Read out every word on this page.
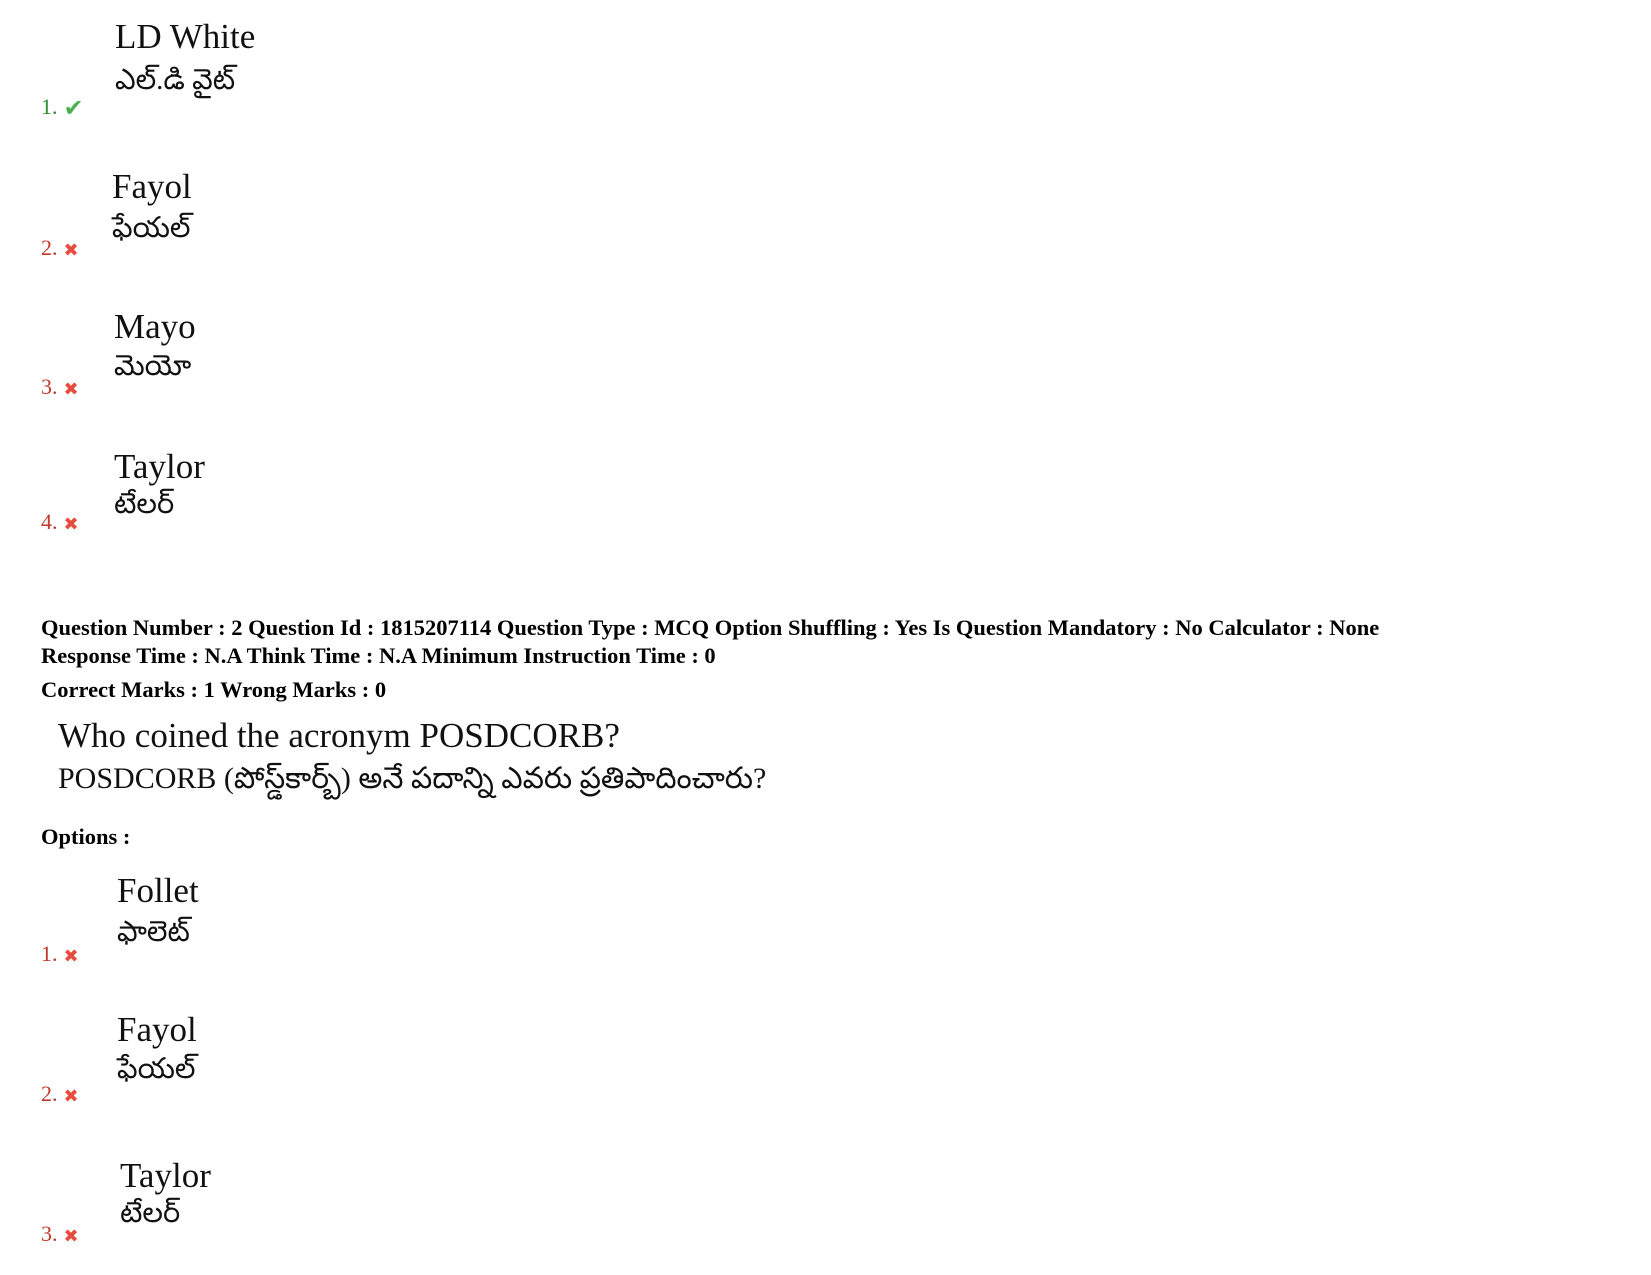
LD White
ఎల్.డి వైట్
1. ✔
Fayol
ఫేయల్
2. ✖
Mayo
మెయో
3. ✖
Taylor
టేలర్
4. ✖
Question Number : 2 Question Id : 1815207114 Question Type : MCQ Option Shuffling : Yes Is Question Mandatory : No Calculator : None
Response Time : N.A Think Time : N.A Minimum Instruction Time : 0
Correct Marks : 1 Wrong Marks : 0
Who coined the acronym POSDCORB?
POSDCORB (పోస్డ్‌కార్బ్) అనే పదాన్ని ఎవరు ప్రతిపాదించారు?
Options :
Follet
ఫాలెట్
1. ✖
Fayol
ఫేయల్
2. ✖
Taylor
టేలర్
3. ✖
